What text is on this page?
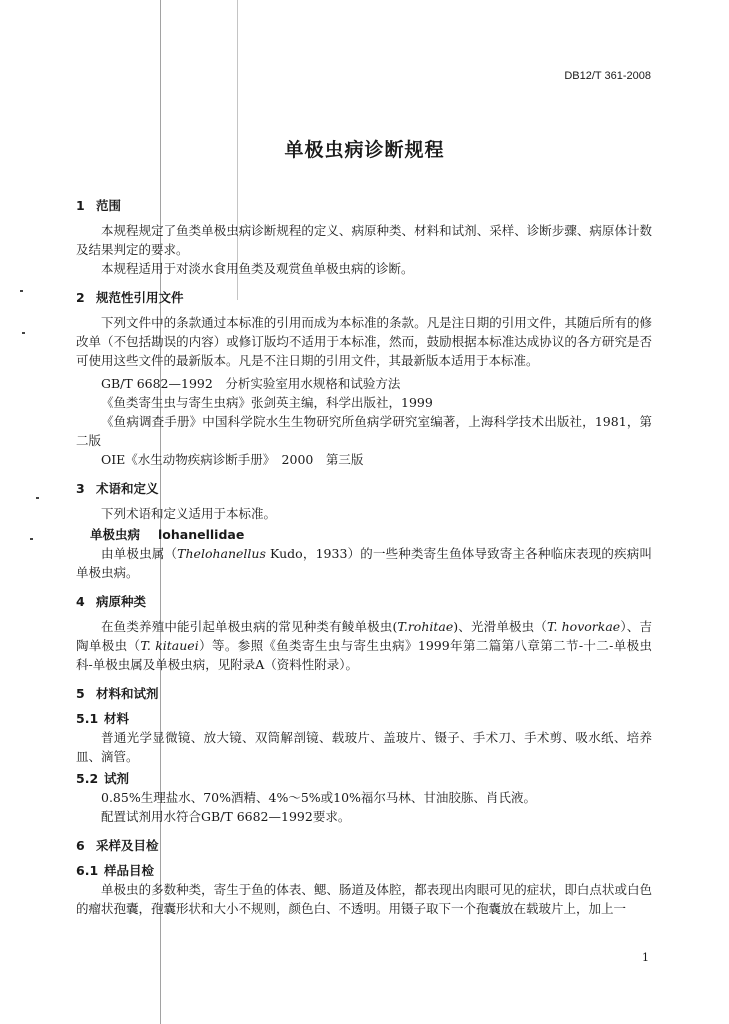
DB12/T 361-2008
单极虫病诊断规程

1 范围

本规程规定了鱼类单极虫病诊断规程的定义、病原种类、材料和试剂、采样、诊断步骤、病原体计数及结果判定的要求。

本规程适用于对淡水食用鱼类及观赏鱼单极虫病的诊断。

2 规范性引用文件

下列文件中的条款通过本标准的引用而成为本标准的条款。凡是注日期的引用文件，其随后所有的修改单（不包括勘误的内容）或修订版均不适用于本标准，然而，鼓励根据本标准达成协议的各方研究是否可使用这些文件的最新版本。凡是不注日期的引用文件，其最新版本适用于本标准。

GB/T 6682—1992　分析实验室用水规格和试验方法

《鱼类寄生虫与寄生虫病》张剑英主编，科学出版社，1999

《鱼病调查手册》中国科学院水生生物研究所鱼病学研究室编著，上海科学技术出版社，1981，第二版

OIE《水生动物疾病诊断手册》　2000　第三版

3 术语和定义

下列术语和定义适用于本标准。

单极虫病 lohanellidae

由单极虫属（Thelohanellus Kudo，1933）的一些种类寄生鱼体导致寄主各种临床表现的疾病叫单极虫病。

4 病原种类

在鱼类养殖中能引起单极虫病的常见种类有鲮单极虫(T.rohitae)、光滑单极虫（T. hovorkae）、吉陶单极虫（T. kitauei）等。参照《鱼类寄生虫与寄生虫病》1999年第二篇第八章第二节-十二-单极虫科-单极虫属及单极虫病，见附录A（资料性附录）。

5 材料和试剂

5.1 材料

普通光学显微镜、放大镜、双筒解剖镜、载玻片、盖玻片、镊子、手术刀、手术剪、吸水纸、培养皿、滴管。

5.2 试剂

0.85%生理盐水、70%酒精、4%～5%或10%福尔马林、甘油胶胨、肖氏液。

配置试剂用水符合GB/T 6682—1992要求。

6 采样及目检

6.1 样品目检

单极虫的多数种类，寄生于鱼的体表、鳃、肠道及体腔，都表现出肉眼可见的症状，即白点状或白色的瘤状孢囊，孢囊形状和大小不规则，颜色白、不透明。用镊子取下一个孢囊放在载玻片上，加上一

1
